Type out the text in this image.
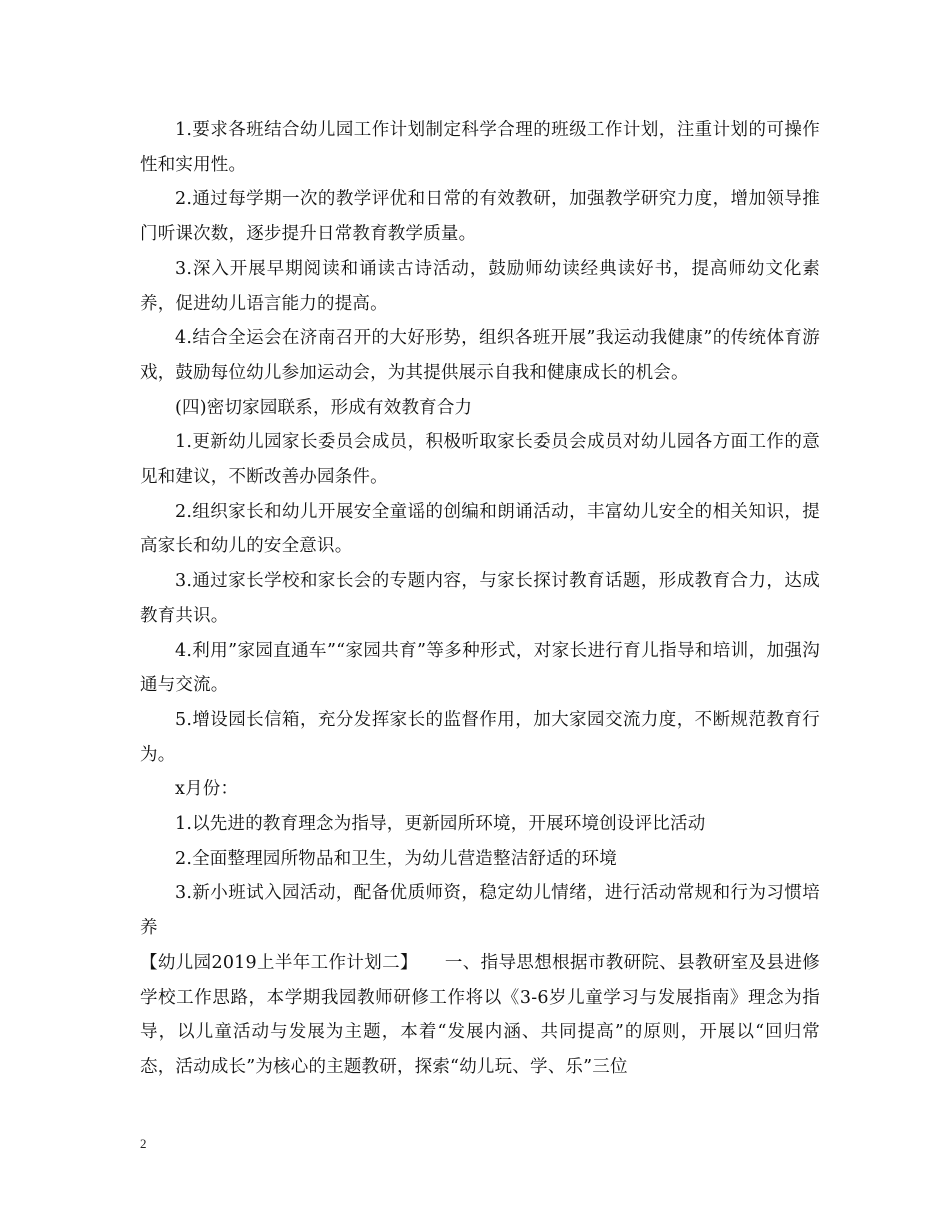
1.要求各班结合幼儿园工作计划制定科学合理的班级工作计划，注重计划的可操作性和实用性。

2.通过每学期一次的教学评优和日常的有效教研，加强教学研究力度，增加领导推门听课次数，逐步提升日常教育教学质量。

3.深入开展早期阅读和诵读古诗活动，鼓励师幼读经典读好书，提高师幼文化素养，促进幼儿语言能力的提高。

4.结合全运会在济南召开的大好形势，组织各班开展”我运动我健康”的传统体育游戏，鼓励每位幼儿参加运动会，为其提供展示自我和健康成长的机会。

(四)密切家园联系，形成有效教育合力

1.更新幼儿园家长委员会成员，积极听取家长委员会成员对幼儿园各方面工作的意见和建议，不断改善办园条件。

2.组织家长和幼儿开展安全童谣的创编和朗诵活动，丰富幼儿安全的相关知识，提高家长和幼儿的安全意识。

3.通过家长学校和家长会的专题内容，与家长探讨教育话题，形成教育合力，达成教育共识。

4.利用”家园直通车”“家园共育”等多种形式，对家长进行育儿指导和培训，加强沟通与交流。

5.增设园长信箱，充分发挥家长的监督作用，加大家园交流力度，不断规范教育行为。

x月份：

1.以先进的教育理念为指导，更新园所环境，开展环境创设评比活动

2.全面整理园所物品和卫生，为幼儿营造整洁舒适的环境

3.新小班试入园活动，配备优质师资，稳定幼儿情绪，进行活动常规和行为习惯培养

【幼儿园2019上半年工作计划二】　　一、指导思想根据市教研院、县教研室及县进修学校工作思路，本学期我园教师研修工作将以《3-6岁儿童学习与发展指南》理念为指导，以儿童活动与发展为主题，本着“发展内涵、共同提高”的原则，开展以“回归常态，活动成长”为核心的主题教研，探索“幼儿玩、学、乐”三位

2
